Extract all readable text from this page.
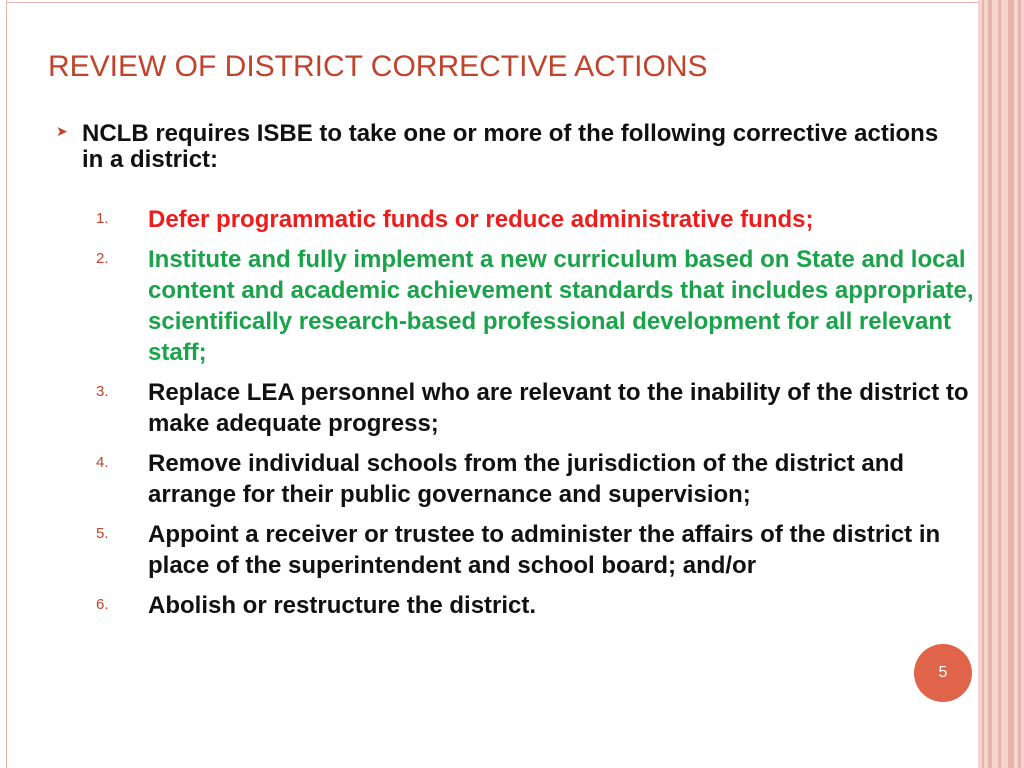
REVIEW OF DISTRICT CORRECTIVE ACTIONS
➤ NCLB requires ISBE to take one or more of the following corrective actions in a district:
1. Defer programmatic funds or reduce administrative funds;
2. Institute and fully implement a new curriculum based on State and local content and academic achievement standards that includes appropriate, scientifically research-based professional development for all relevant staff;
3. Replace LEA personnel who are relevant to the inability of the district to make adequate progress;
4. Remove individual schools from the jurisdiction of the district and arrange for their public governance and supervision;
5. Appoint a receiver or trustee to administer the affairs of the district in place of the superintendent and school board; and/or
6. Abolish or restructure the district.
5
